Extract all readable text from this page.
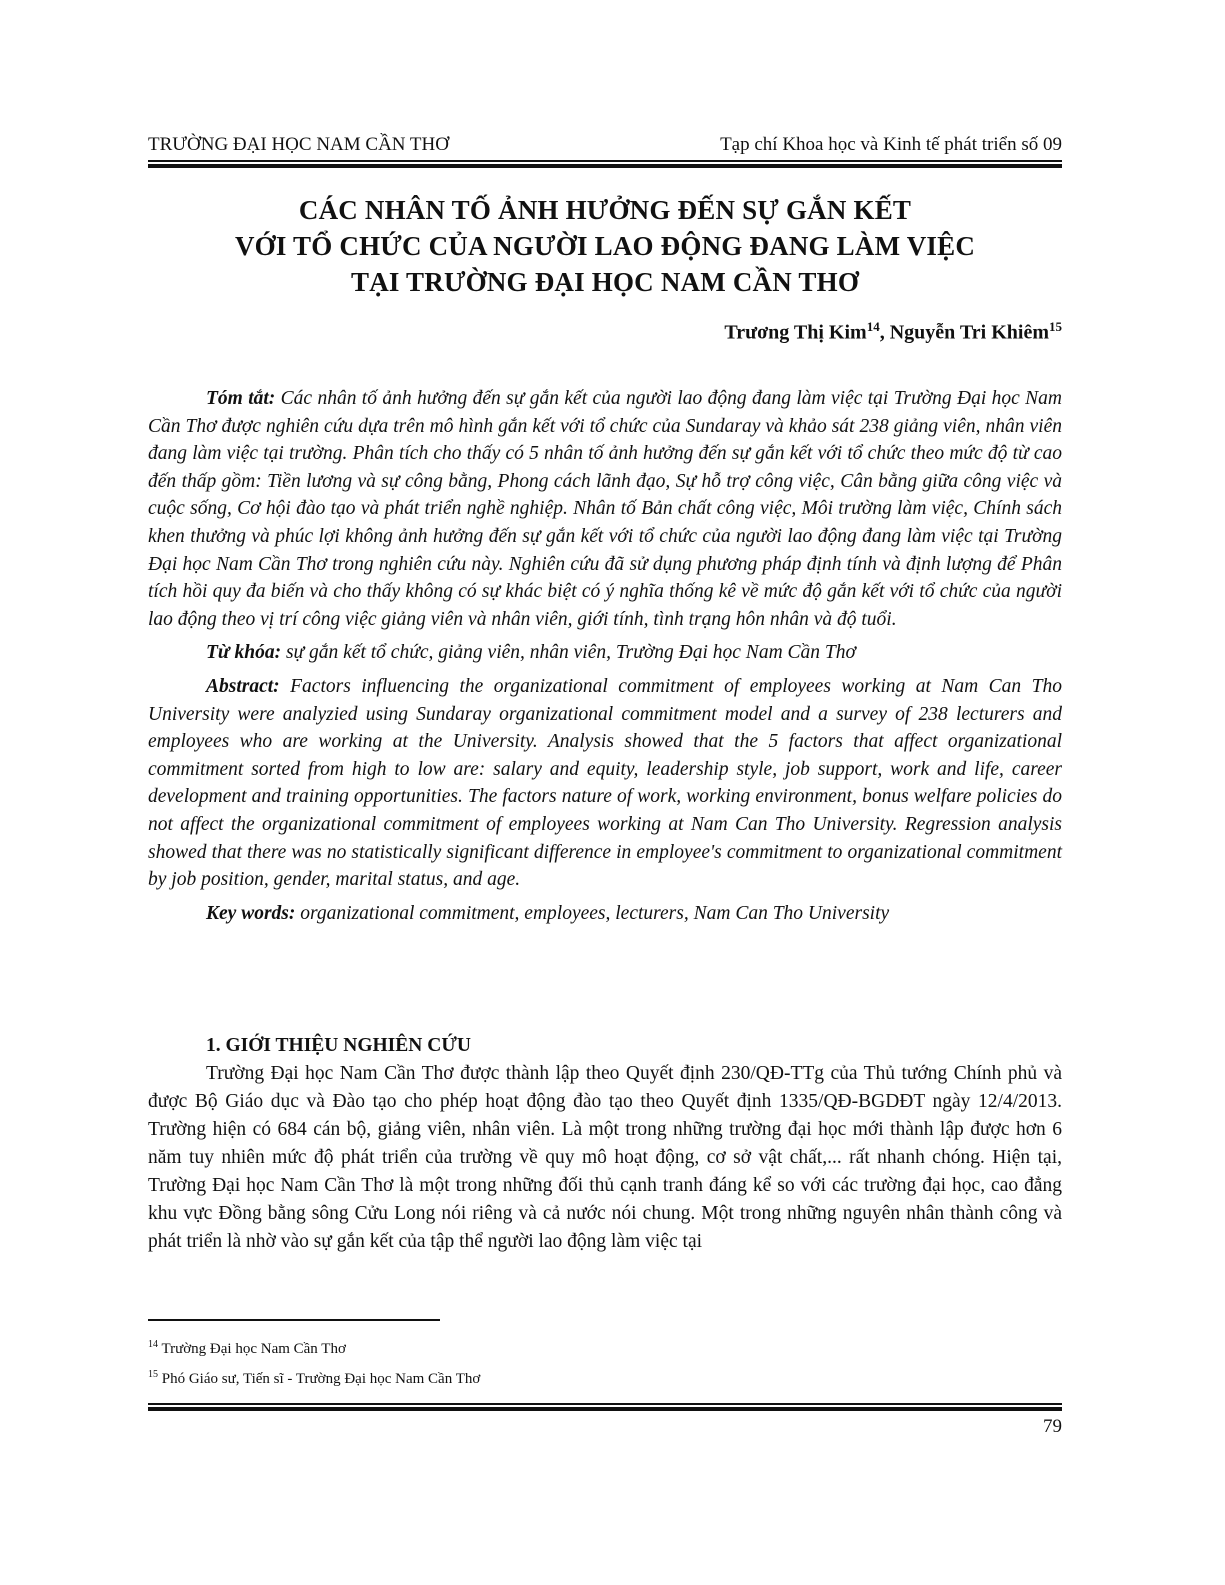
TRƯỜNG ĐẠI HỌC NAM CẦN THƠ	Tạp chí Khoa học và Kinh tế phát triển số 09
CÁC NHÂN TỐ ẢNH HƯỞNG ĐẾN SỰ GẮN KẾT
VỚI TỔ CHỨC CỦA NGƯỜI LAO ĐỘNG ĐANG LÀM VIỆC
TẠI TRƯỜNG ĐẠI HỌC NAM CẦN THƠ
Trương Thị Kim$^{14}$, Nguyễn Tri Khiêm$^{15}$

Tóm tắt: Các nhân tố ảnh hưởng đến sự gắn kết của người lao động đang làm việc tại Trường Đại học Nam Cần Thơ được nghiên cứu dựa trên mô hình gắn kết với tổ chức của Sundaray và khảo sát 238 giảng viên, nhân viên đang làm việc tại trường. Phân tích cho thấy có 5 nhân tố ảnh hưởng đến sự gắn kết với tổ chức theo mức độ từ cao đến thấp gồm: Tiền lương và sự công bằng, Phong cách lãnh đạo, Sự hỗ trợ công việc, Cân bằng giữa công việc và cuộc sống, Cơ hội đào tạo và phát triển nghề nghiệp. Nhân tố Bản chất công việc, Môi trường làm việc, Chính sách khen thưởng và phúc lợi không ảnh hưởng đến sự gắn kết với tổ chức của người lao động đang làm việc tại Trường Đại học Nam Cần Thơ trong nghiên cứu này. Nghiên cứu đã sử dụng phương pháp định tính và định lượng để Phân tích hồi quy đa biến và cho thấy không có sự khác biệt có ý nghĩa thống kê về mức độ gắn kết với tổ chức của người lao động theo vị trí công việc giảng viên và nhân viên, giới tính, tình trạng hôn nhân và độ tuổi.

Từ khóa: sự gắn kết tổ chức, giảng viên, nhân viên, Trường Đại học Nam Cần Thơ

Abstract: Factors influencing the organizational commitment of employees working at Nam Can Tho University were analyzied using Sundaray organizational commitment model and a survey of 238 lecturers and employees who are working at the University. Analysis showed that the 5 factors that affect organizational commitment sorted from high to low are: salary and equity, leadership style, job support, work and life, career development and training opportunities. The factors nature of work, working environment, bonus welfare policies do not affect the organizational commitment of employees working at Nam Can Tho University. Regression analysis showed that there was no statistically significant difference in employee's commitment to organizational commitment by job position, gender, marital status, and age.

Key words: organizational commitment, employees, lecturers, Nam Can Tho University

1. GIỚI THIỆU NGHIÊN CỨU

Trường Đại học Nam Cần Thơ được thành lập theo Quyết định 230/QĐ-TTg của Thủ tướng Chính phủ và được Bộ Giáo dục và Đào tạo cho phép hoạt động đào tạo theo Quyết định 1335/QĐ-BGDĐT ngày 12/4/2013. Trường hiện có 684 cán bộ, giảng viên, nhân viên. Là một trong những trường đại học mới thành lập được hơn 6 năm tuy nhiên mức độ phát triển của trường về quy mô hoạt động, cơ sở vật chất,... rất nhanh chóng. Hiện tại, Trường Đại học Nam Cần Thơ là một trong những đối thủ cạnh tranh đáng kể so với các trường đại học, cao đẳng khu vực Đồng bằng sông Cửu Long nói riêng và cả nước nói chung. Một trong những nguyên nhân thành công và phát triển là nhờ vào sự gắn kết của tập thể người lao động làm việc tại

$^{14}$ Trường Đại học Nam Cần Thơ
$^{15}$ Phó Giáo sư, Tiến sĩ - Trường Đại học Nam Cần Thơ
79
